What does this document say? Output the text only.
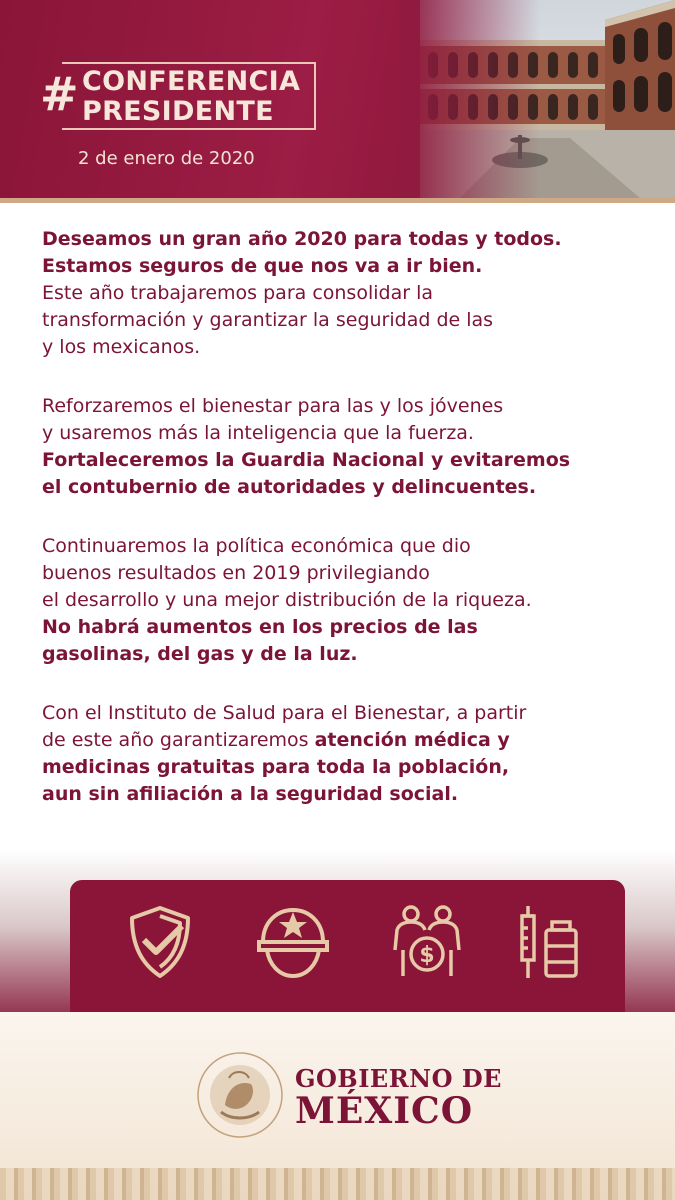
# CONFERENCIA
PRESIDENTE
2 de enero de 2020

Deseamos un gran año 2020 para todas y todos.
Estamos seguros de que nos va a ir bien.
Este año trabajaremos para consolidar la
transformación y garantizar la seguridad de las
y los mexicanos.

Reforzaremos el bienestar para las y los jóvenes
y usaremos más la inteligencia que la fuerza.
Fortaleceremos la Guardia Nacional y evitaremos
el contubernio de autoridades y delincuentes.

Continuaremos la política económica que dio
buenos resultados en 2019 privilegiando
el desarrollo y una mejor distribución de la riqueza.
No habrá aumentos en los precios de las
gasolinas, del gas y de la luz.

Con el Instituto de Salud para el Bienestar, a partir
de este año garantizaremos atención médica y
medicinas gratuitas para toda la población,
aun sin afiliación a la seguridad social.

$
GOBIERNO DE
MÉXICO
